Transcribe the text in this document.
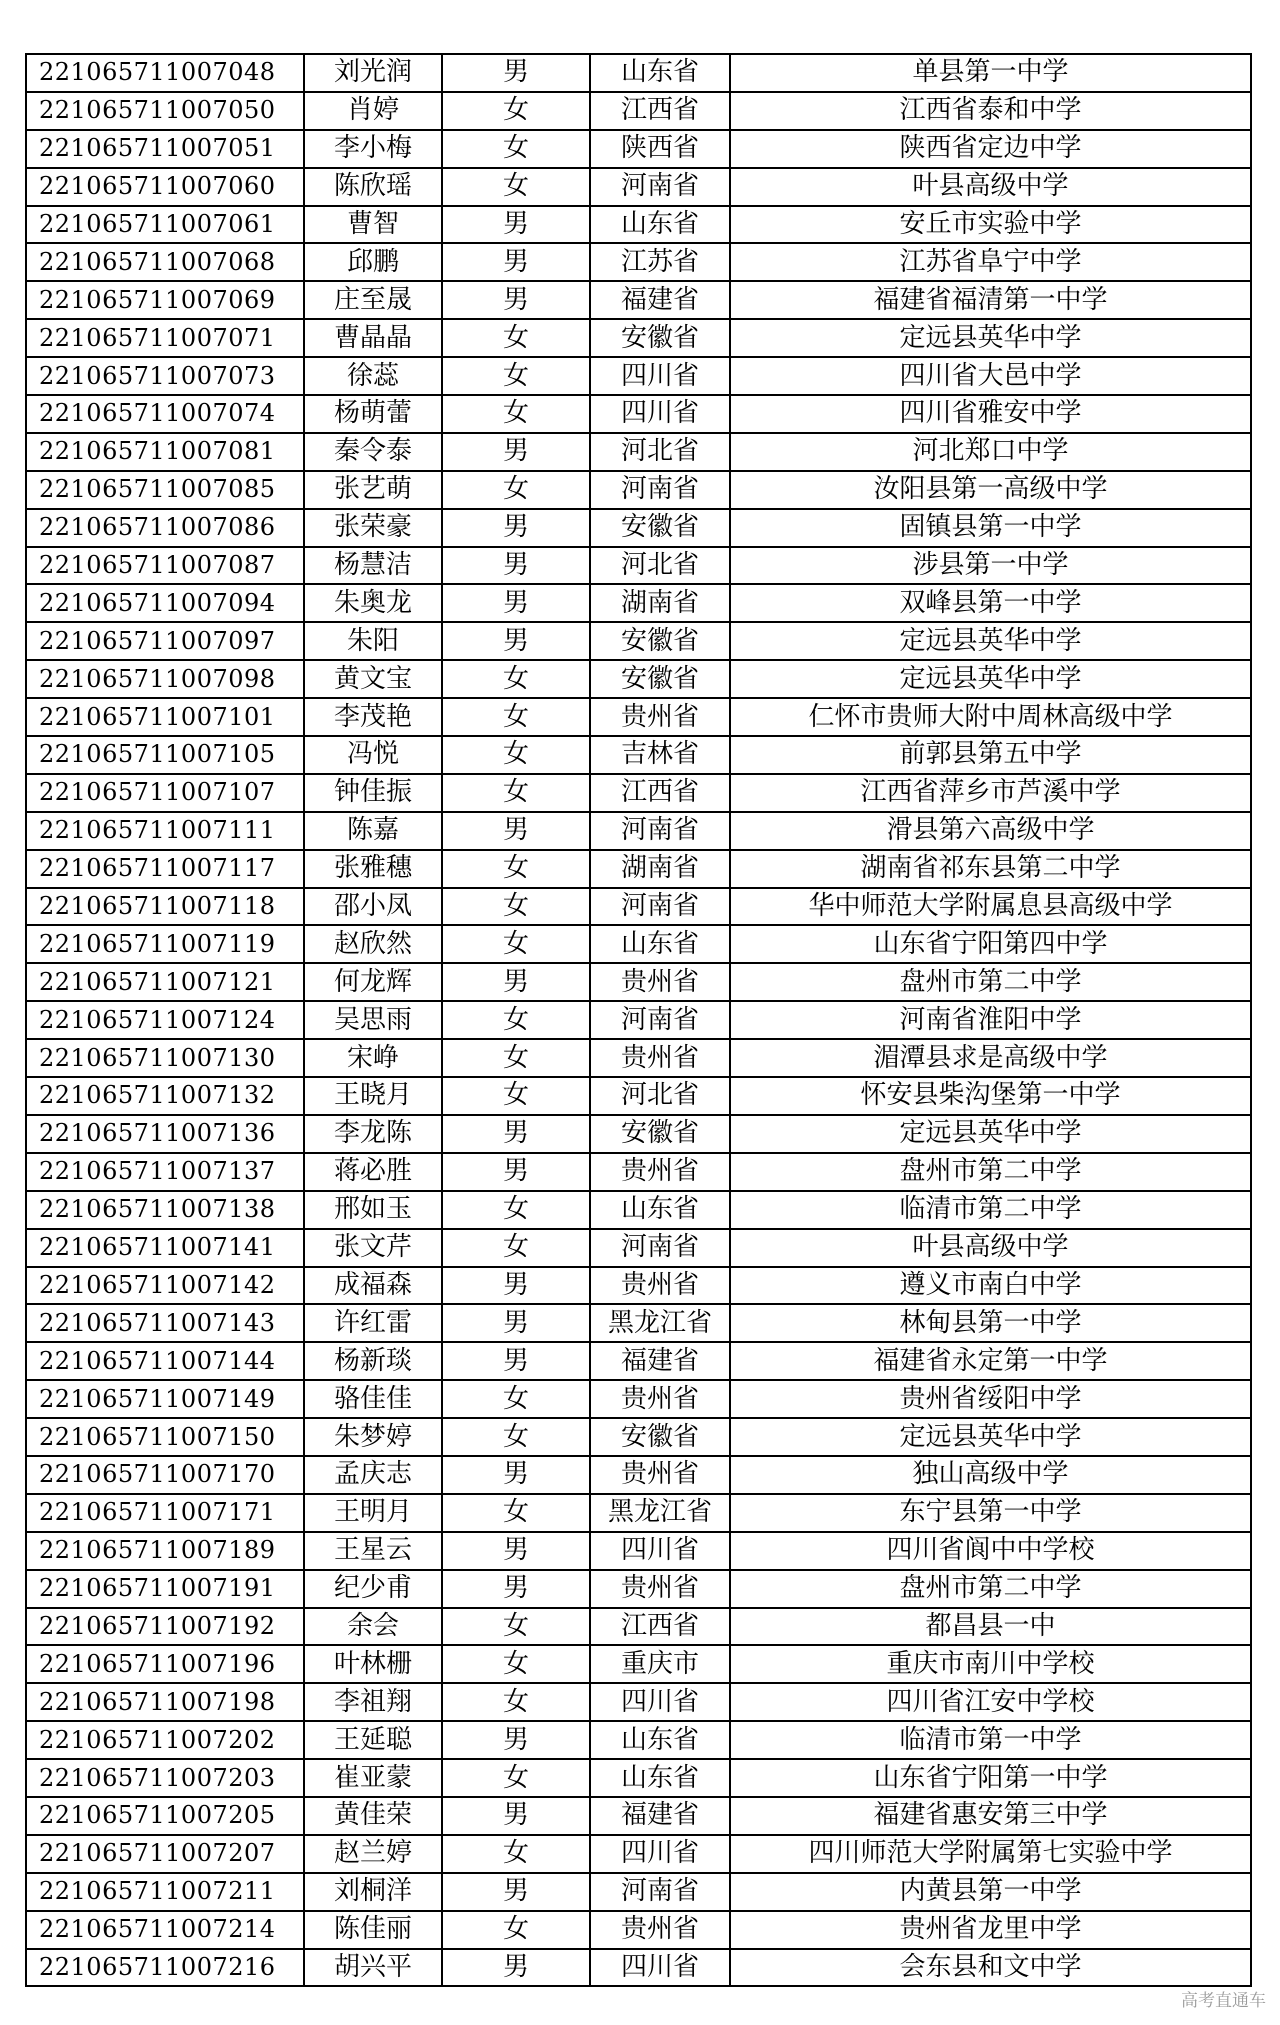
221065711007048	刘光润	男	山东省	单县第一中学
221065711007050	肖婷	女	江西省	江西省泰和中学
221065711007051	李小梅	女	陕西省	陕西省定边中学
221065711007060	陈欣瑶	女	河南省	叶县高级中学
221065711007061	曹智	男	山东省	安丘市实验中学
221065711007068	邱鹏	男	江苏省	江苏省阜宁中学
221065711007069	庄至晟	男	福建省	福建省福清第一中学
221065711007071	曹晶晶	女	安徽省	定远县英华中学
221065711007073	徐蕊	女	四川省	四川省大邑中学
221065711007074	杨萌蕾	女	四川省	四川省雅安中学
221065711007081	秦令泰	男	河北省	河北郑口中学
221065711007085	张艺萌	女	河南省	汝阳县第一高级中学
221065711007086	张荣豪	男	安徽省	固镇县第一中学
221065711007087	杨慧洁	男	河北省	涉县第一中学
221065711007094	朱奥龙	男	湖南省	双峰县第一中学
221065711007097	朱阳	男	安徽省	定远县英华中学
221065711007098	黄文宝	女	安徽省	定远县英华中学
221065711007101	李茂艳	女	贵州省	仁怀市贵师大附中周林高级中学
221065711007105	冯悦	女	吉林省	前郭县第五中学
221065711007107	钟佳振	女	江西省	江西省萍乡市芦溪中学
221065711007111	陈嘉	男	河南省	滑县第六高级中学
221065711007117	张雅穗	女	湖南省	湖南省祁东县第二中学
221065711007118	邵小凤	女	河南省	华中师范大学附属息县高级中学
221065711007119	赵欣然	女	山东省	山东省宁阳第四中学
221065711007121	何龙辉	男	贵州省	盘州市第二中学
221065711007124	吴思雨	女	河南省	河南省淮阳中学
221065711007130	宋峥	女	贵州省	湄潭县求是高级中学
221065711007132	王晓月	女	河北省	怀安县柴沟堡第一中学
221065711007136	李龙陈	男	安徽省	定远县英华中学
221065711007137	蒋必胜	男	贵州省	盘州市第二中学
221065711007138	邢如玉	女	山东省	临清市第二中学
221065711007141	张文芹	女	河南省	叶县高级中学
221065711007142	成福森	男	贵州省	遵义市南白中学
221065711007143	许红雷	男	黑龙江省	林甸县第一中学
221065711007144	杨新琰	男	福建省	福建省永定第一中学
221065711007149	骆佳佳	女	贵州省	贵州省绥阳中学
221065711007150	朱梦婷	女	安徽省	定远县英华中学
221065711007170	孟庆志	男	贵州省	独山高级中学
221065711007171	王明月	女	黑龙江省	东宁县第一中学
221065711007189	王星云	男	四川省	四川省阆中中学校
221065711007191	纪少甫	男	贵州省	盘州市第二中学
221065711007192	余会	女	江西省	都昌县一中
221065711007196	叶林栅	女	重庆市	重庆市南川中学校
221065711007198	李祖翔	女	四川省	四川省江安中学校
221065711007202	王延聪	男	山东省	临清市第一中学
221065711007203	崔亚蒙	女	山东省	山东省宁阳第一中学
221065711007205	黄佳荣	男	福建省	福建省惠安第三中学
221065711007207	赵兰婷	女	四川省	四川师范大学附属第七实验中学
221065711007211	刘桐洋	男	河南省	内黄县第一中学
221065711007214	陈佳丽	女	贵州省	贵州省龙里中学
221065711007216	胡兴平	男	四川省	会东县和文中学
高考直通车
